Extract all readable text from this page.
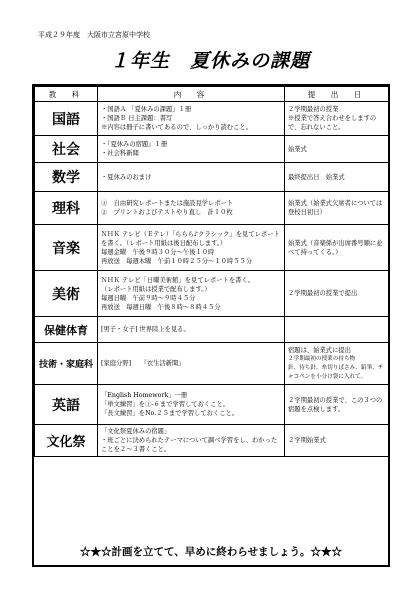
平成２９年度　大阪市立宮原中学校
１年生　夏休みの課題
教　科	内　容	提　出　日
国語	・国語Ａ 「夏休みの課題」１冊
・国語Ｂ 日主課題：書写
※内容は冊子に書いてあるので、しっかり読むこと。	２学期最初の授業
※授業で答え合わせをしますので、忘れないこと。

社会	・『夏休みの宿題』１冊
・社会科新聞	始業式

数学	・夏休みのおまけ	最終提出日　始業式

理科	①　自由研究レポートまたは施設見学レポート
②　プリントおよびテストやり直し　計１０枚	始業式（始業式欠席者については登校日初日）

音楽	ＮＨＫ テレビ（Ｅテレ）「ららら♪クラシック」を見てレポートを書く。（レポート用紙は後日配布します。）
毎週金曜　午後９時３０分～午後１０時
再放送　毎週木曜　午前１０時２５分～１０時５５分	始業式（音楽係が出席番号順に並べて持ってくる。）

美術	ＮＨＫ テレビ「日曜美術館」を見てレポートを書く。
（レポート用紙は授業で配布します。）
毎週日曜　午前９時～９時４５分
再放送　毎週日曜　午後８時～８時４５分	２学期最初の授業で提出

保健体育	[男子・女子] 世界陸上を見る。	

技術・家庭科	[家庭分野]　　『衣生活新聞』	宿題は、始業式に提出
２学期最初の授業の持ち物
針、待ち針、糸切りばさみ、鉛筆、チャコペンを小分け袋に入れて。

英語	「English Homework」一冊
「単文練習」を①-６まで学習しておくこと。
「長文練習」をNo.２５まで学習しておくこと。	２学期最初の授業で、この３つの宿題を点検します。

文化祭	「文化祭夏休みの宿題」
・班ごとに決められたテーマについて調べ学習をし、わかったことを２～３書くこと。	２学期始業式
☆★☆計画を立てて、早めに終わらせましょう。☆★☆
